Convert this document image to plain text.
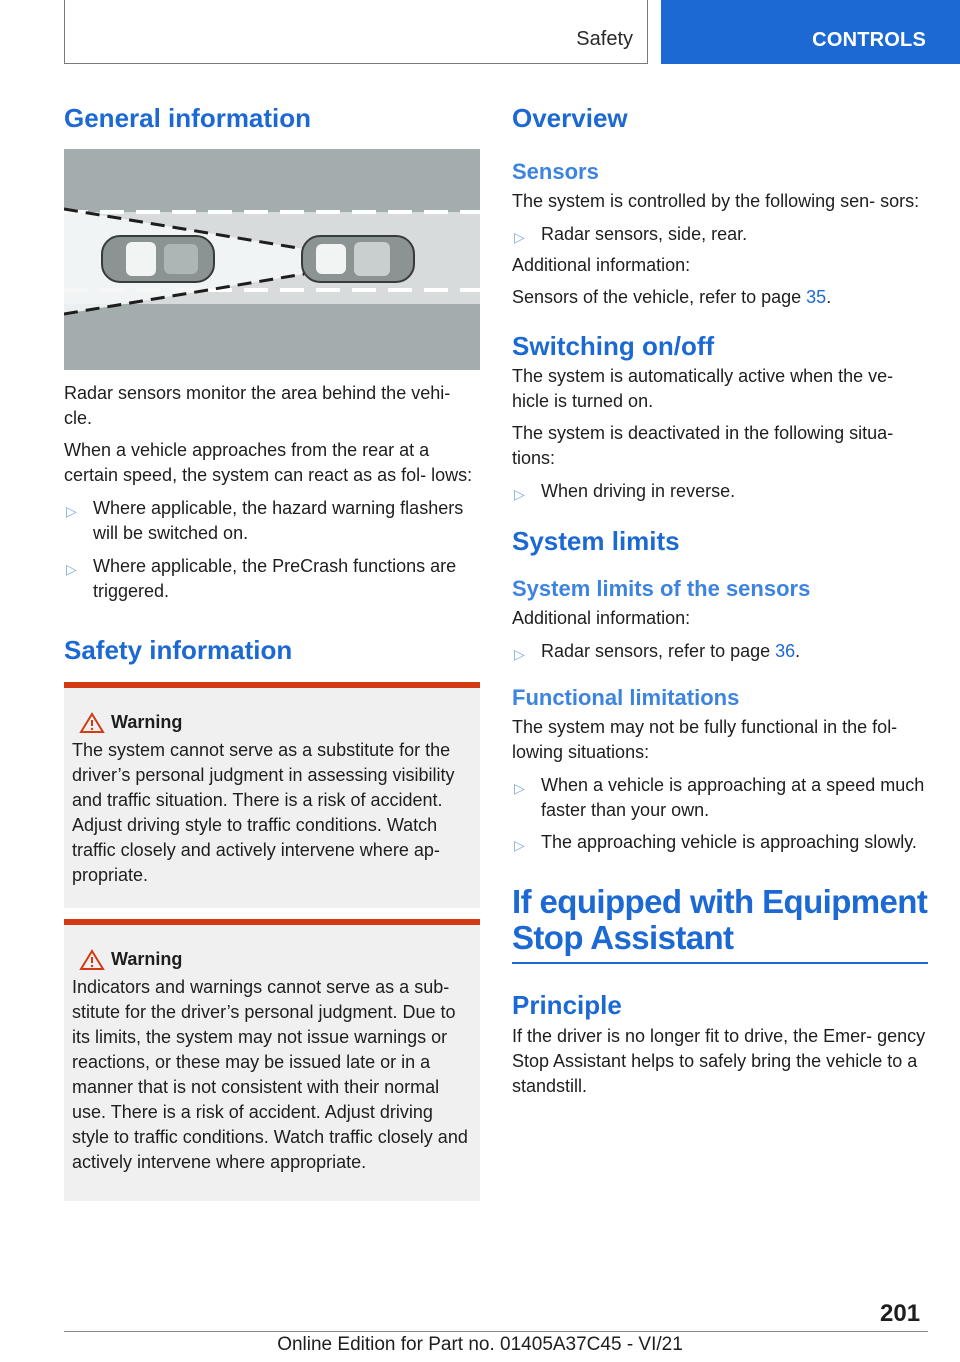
Safety	CONTROLS
General information

Radar sensors monitor the area behind the vehi‐ cle.

When a vehicle approaches from the rear at a certain speed, the system can react as as fol‐ lows:

▷ Where applicable, the hazard warning flashers will be switched on.
▷ Where applicable, the PreCrash functions are triggered.
Safety information
Warning
The system cannot serve as a substitute for the driver’s personal judgment in assessing visibility and traffic situation. There is a risk of accident. Adjust driving style to traffic conditions. Watch traffic closely and actively intervene where ap‐ propriate.
Warning
Indicators and warnings cannot serve as a sub‐ stitute for the driver’s personal judgment. Due to its limits, the system may not issue warnings or reactions, or these may be issued late or in a manner that is not consistent with their normal use. There is a risk of accident. Adjust driving style to traffic conditions. Watch traffic closely and actively intervene where appropriate.
Overview
Sensors

The system is controlled by the following sen‐ sors:

▷ Radar sensors, side, rear.

Additional information:

Sensors of the vehicle, refer to page 35.

Switching on/off

The system is automatically active when the ve‐ hicle is turned on.

The system is deactivated in the following situa‐ tions:

▷ When driving in reverse.
System limits
System limits of the sensors

Additional information:

▷ Radar sensors, refer to page 36.
Functional limitations

The system may not be fully functional in the fol‐ lowing situations:

▷ When a vehicle is approaching at a speed much faster than your own.
▷ The approaching vehicle is approaching slowly.
If equipped with Equipment
Stop Assistant
Principle

If the driver is no longer fit to drive, the Emer‐ gency Stop Assistant helps to safely bring the vehicle to a standstill.

201
Online Edition for Part no. 01405A37C45 - VI/21
